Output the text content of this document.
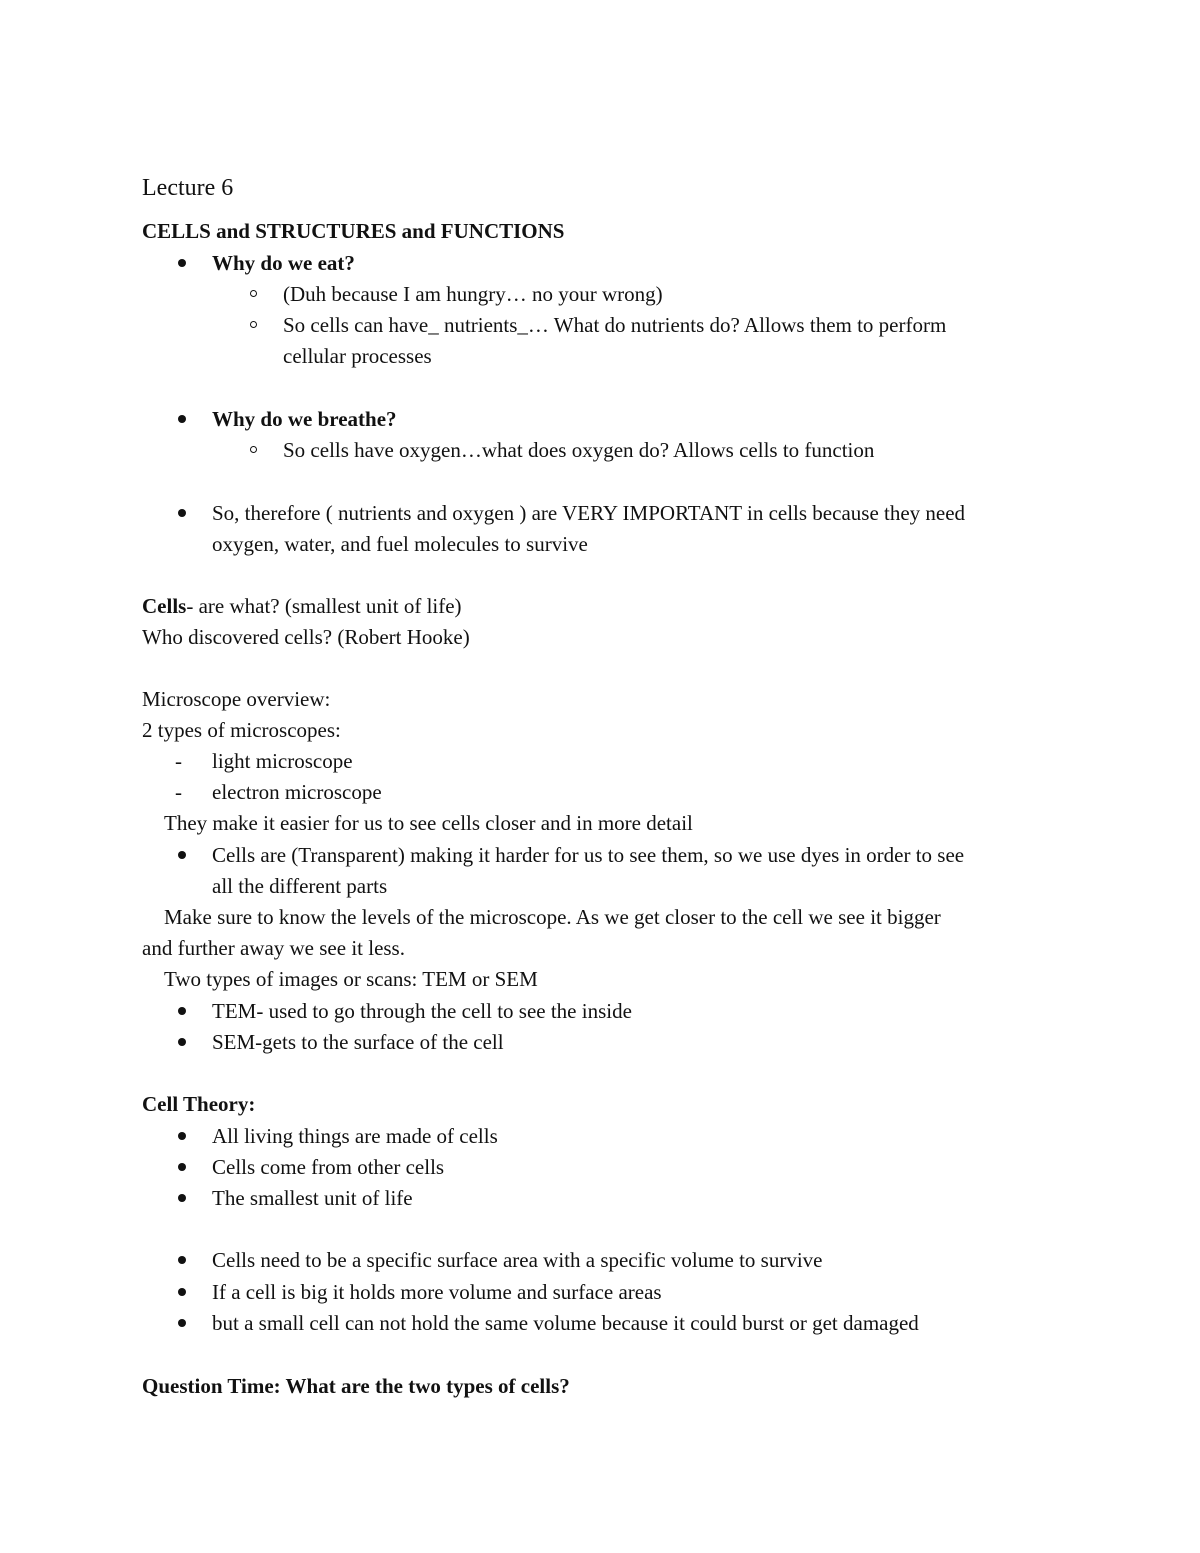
Lecture 6
CELLS and STRUCTURES and FUNCTIONS
Why do we eat?
(Duh because I am hungry… no your wrong)
So cells can have_ nutrients_… What do nutrients do? Allows them to perform
cellular processes
Why do we breathe?
So cells have oxygen…what does oxygen do? Allows cells to function
So, therefore ( nutrients and oxygen ) are VERY IMPORTANT in cells because they need
oxygen, water, and fuel molecules to survive
Cells- are what? (smallest unit of life)
Who discovered cells? (Robert Hooke)
Microscope overview:
2 types of microscopes:
- light microscope
- electron microscope
They make it easier for us to see cells closer and in more detail
Cells are (Transparent) making it harder for us to see them, so we use dyes in order to see
all the different parts
Make sure to know the levels of the microscope. As we get closer to the cell we see it bigger
and further away we see it less.
Two types of images or scans: TEM or SEM
TEM- used to go through the cell to see the inside
SEM-gets to the surface of the cell
Cell Theory:
All living things are made of cells
Cells come from other cells
The smallest unit of life
Cells need to be a specific surface area with a specific volume to survive
If a cell is big it holds more volume and surface areas
but a small cell can not hold the same volume because it could burst or get damaged
Question Time: What are the two types of cells?
